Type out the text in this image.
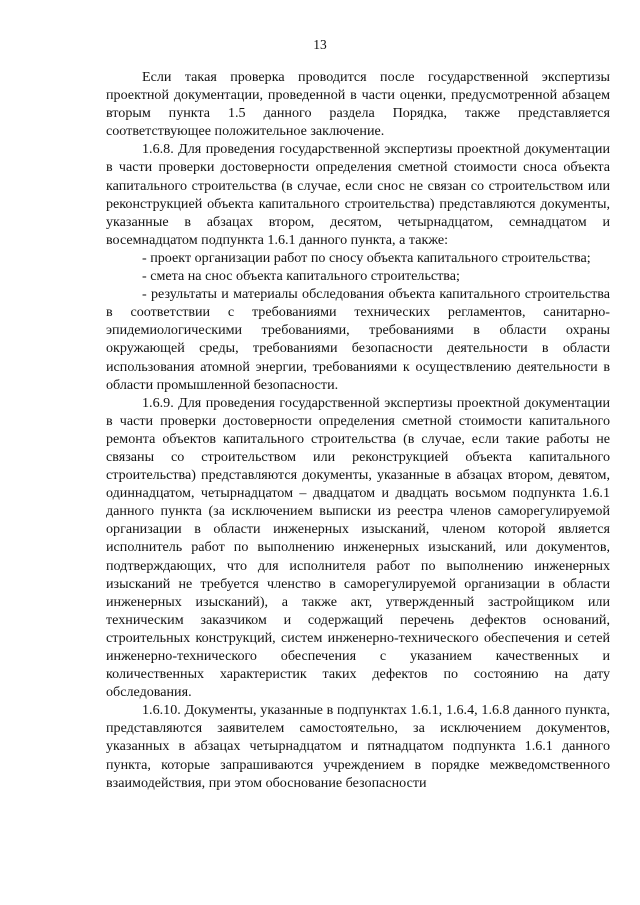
13

Если такая проверка проводится после государственной экспертизы проектной документации, проведенной в части оценки, предусмотренной абзацем вторым пункта 1.5 данного раздела Порядка, также представляется соответствующее положительное заключение.

1.6.8. Для проведения государственной экспертизы проектной документации в части проверки достоверности определения сметной стоимости сноса объекта капитального строительства (в случае, если снос не связан со строительством или реконструкцией объекта капитального строительства) представляются документы, указанные в абзацах втором, десятом, четырнадцатом, семнадцатом и восемнадцатом подпункта 1.6.1 данного пункта, а также:

- проект организации работ по сносу объекта капитального строительства;

- смета на снос объекта капитального строительства;

- результаты и материалы обследования объекта капитального строительства в соответствии с требованиями технических регламентов, санитарно-эпидемиологическими требованиями, требованиями в области охраны окружающей среды, требованиями безопасности деятельности в области использования атомной энергии, требованиями к осуществлению деятельности в области промышленной безопасности.

1.6.9. Для проведения государственной экспертизы проектной документации в части проверки достоверности определения сметной стоимости капитального ремонта объектов капитального строительства (в случае, если такие работы не связаны со строительством или реконструкцией объекта капитального строительства) представляются документы, указанные в абзацах втором, девятом, одиннадцатом, четырнадцатом – двадцатом и двадцать восьмом подпункта 1.6.1 данного пункта (за исключением выписки из реестра членов саморегулируемой организации в области инженерных изысканий, членом которой является исполнитель работ по выполнению инженерных изысканий, или документов, подтверждающих, что для исполнителя работ по выполнению инженерных изысканий не требуется членство в саморегулируемой организации в области инженерных изысканий), а также акт, утвержденный застройщиком или техническим заказчиком и содержащий перечень дефектов оснований, строительных конструкций, систем инженерно-технического обеспечения и сетей инженерно-технического обеспечения с указанием качественных и количественных характеристик таких дефектов по состоянию на дату обследования.

1.6.10. Документы, указанные в подпунктах 1.6.1, 1.6.4, 1.6.8 данного пункта, представляются заявителем самостоятельно, за исключением документов, указанных в абзацах четырнадцатом и пятнадцатом подпункта 1.6.1 данного пункта, которые запрашиваются учреждением в порядке межведомственного взаимодействия, при этом обоснование безопасности
